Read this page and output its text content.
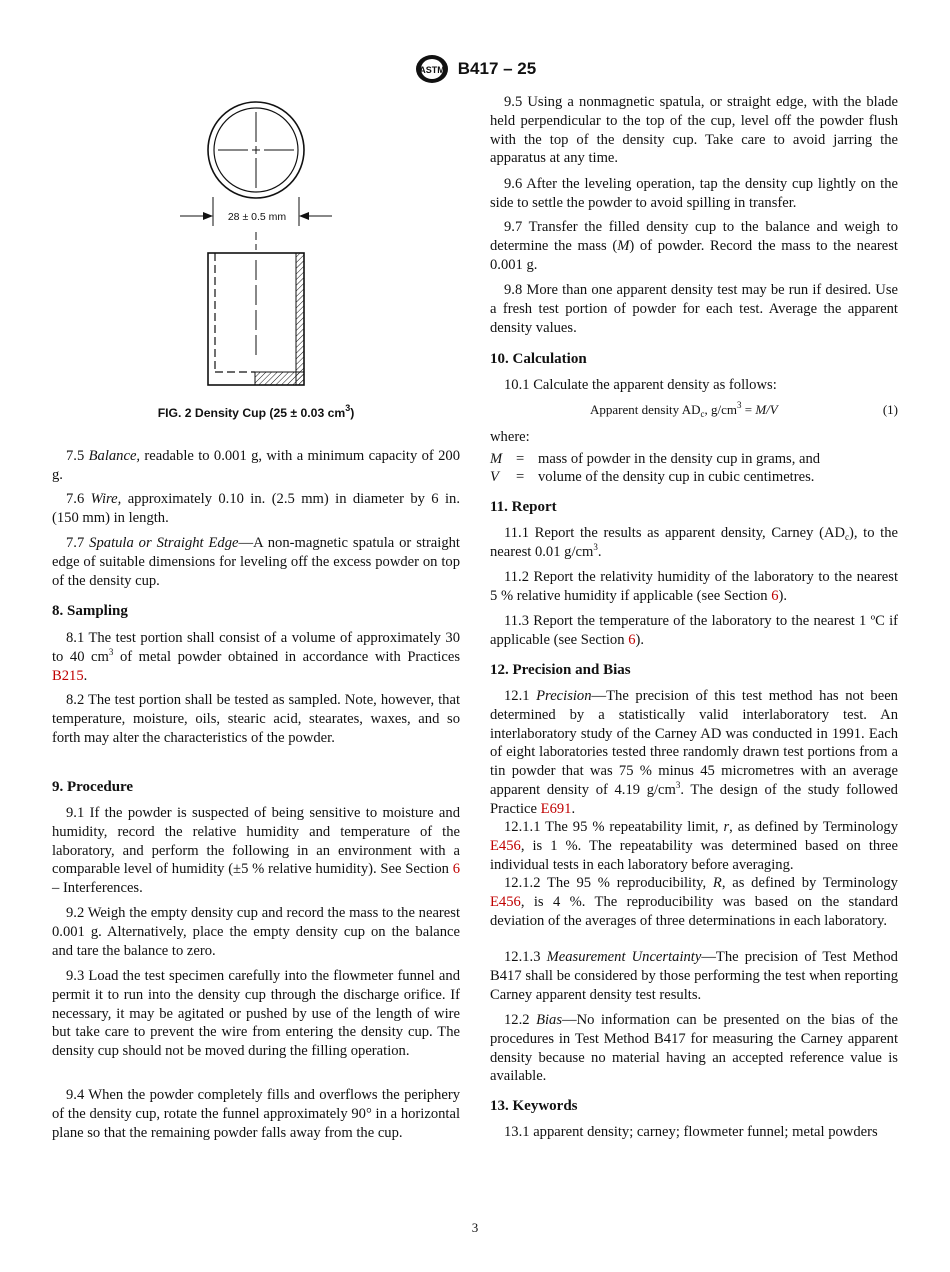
ASTM B417 – 25
28 ± 0.5 mm
FIG. 2 Density Cup (25 ± 0.03 $cm^3$)

7.5 Balance, readable to 0.001 g, with a minimum capacity of 200 g.

7.6 Wire, approximately 0.10 in. (2.5 mm) in diameter by 6 in. (150 mm) in length.

7.7 Spatula or Straight Edge—A non-magnetic spatula or straight edge of suitable dimensions for leveling off the excess powder on top of the density cup.

8. Sampling

8.1 The test portion shall consist of a volume of approximately 30 to 40 $cm^3$ of metal powder obtained in accordance with Practices B215.

8.2 The test portion shall be tested as sampled. Note, however, that temperature, moisture, oils, stearic acid, stearates, waxes, and so forth may alter the characteristics of the powder.

9. Procedure

9.1 If the powder is suspected of being sensitive to moisture and humidity, record the relative humidity and temperature of the laboratory, and perform the following in an environment with a comparable level of humidity (±5 % relative humidity). See Section 6 – Interferences.

9.2 Weigh the empty density cup and record the mass to the nearest 0.001 g. Alternatively, place the empty density cup on the balance and tare the balance to zero.

9.3 Load the test specimen carefully into the flowmeter funnel and permit it to run into the density cup through the discharge orifice. If necessary, it may be agitated or pushed by use of the length of wire but take care to prevent the wire from entering the density cup. The density cup should not be moved during the filling operation.

9.4 When the powder completely fills and overflows the periphery of the density cup, rotate the funnel approximately 90° in a horizontal plane so that the remaining powder falls away from the cup.

9.5 Using a nonmagnetic spatula, or straight edge, with the blade held perpendicular to the top of the cup, level off the powder flush with the top of the density cup. Take care to avoid jarring the apparatus at any time.

9.6 After the leveling operation, tap the density cup lightly on the side to settle the powder to avoid spilling in transfer.

9.7 Transfer the filled density cup to the balance and weigh to determine the mass (M) of powder. Record the mass to the nearest 0.001 g.

9.8 More than one apparent density test may be run if desired. Use a fresh test portion of powder for each test. Average the apparent density values.

10. Calculation

10.1 Calculate the apparent density as follows:

Apparent density $AD_c$, $g/cm^3 = M/V$	(1)
where:
M = mass of powder in the density cup in grams, and
V	= volume of the density cup in cubic centimetres.
11. Report

11.1 Report the results as apparent density, Carney $(AD_c)$, to the nearest 0.01 $g/cm^3$.

11.2 Report the relativity humidity of the laboratory to the nearest 5 % relative humidity if applicable (see Section 6).

11.3 Report the temperature of the laboratory to the nearest 1 ºC if applicable (see Section 6).

12. Precision and Bias

12.1 Precision—The precision of this test method has not been determined by a statistically valid interlaboratory test. An interlaboratory study of the Carney AD was conducted in 1991. Each of eight laboratories tested three randomly drawn test portions from a tin powder that was 75 % minus 45 micrometres with an average apparent density of 4.19 $g/cm^3$. The design of the study followed Practice E691.

12.1.1 The 95 % repeatability limit, r, as defined by Terminology E456, is 1 %. The repeatability was determined based on three individual tests in each laboratory before averaging.

12.1.2 The 95 % reproducibility, R, as defined by Terminology E456, is 4 %. The reproducibility was based on the standard deviation of the averages of three determinations in each laboratory.

12.1.3 Measurement Uncertainty—The precision of Test Method B417 shall be considered by those performing the test when reporting Carney apparent density test results.

12.2 Bias—No information can be presented on the bias of the procedures in Test Method B417 for measuring the Carney apparent density because no material having an accepted reference value is available.

13. Keywords

13.1 apparent density; carney; flowmeter funnel; metal powders

3
